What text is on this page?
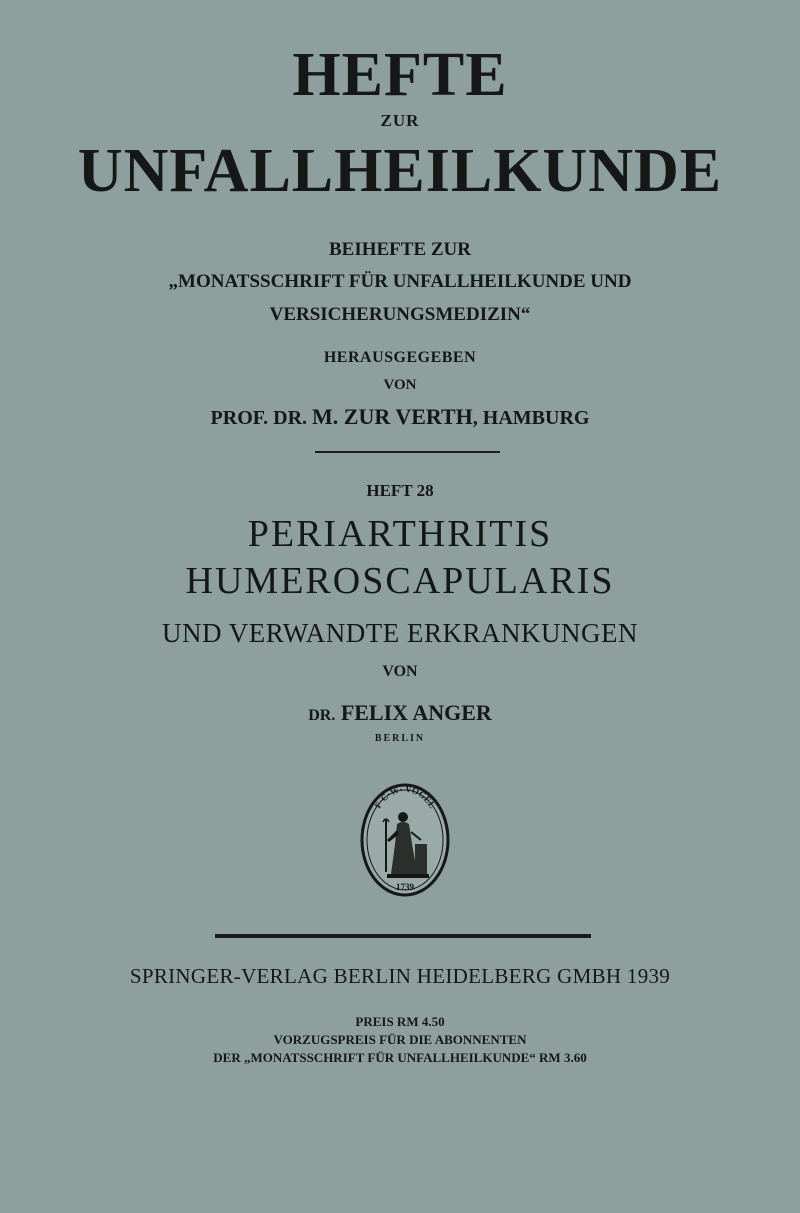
HEFTE
ZUR
UNFALLHEILKUNDE
BEIHEFTE ZUR
„MONATSSCHRIFT FÜR UNFALLHEILKUNDE UND
VERSICHERUNGSMEDIZIN“
HERAUSGEGEBEN
VON
PROF. DR. M. ZUR VERTH, HAMBURG
HEFT 28
PERIARTHRITIS
HUMEROSCAPULARIS
UND VERWANDTE ERKRANKUNGEN
VON
DR. FELIX ANGER
BERLIN
F·C·W· VOGEL
1739
SPRINGER-VERLAG BERLIN HEIDELBERG GMBH 1939
PREIS RM 4.50
VORZUGSPREIS FÜR DIE ABONNENTEN
DER „MONATSSCHRIFT FÜR UNFALLHEILKUNDE“ RM 3.60
